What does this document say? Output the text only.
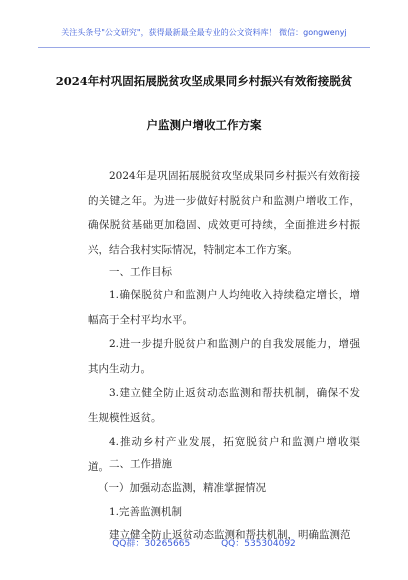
关注头条号"公文研究"，获得最新最全最专业的公文资料库！ 微信：gongwenyj
2024年村巩固拓展脱贫攻坚成果同乡村振兴有效衔接脱贫
户监测户增收工作方案
2024年是巩固拓展脱贫攻坚成果同乡村振兴有效衔接的关键之年。为进一步做好村脱贫户和监测户增收工作，确保脱贫基础更加稳固、成效更可持续，全面推进乡村振兴，结合我村实际情况，特制定本工作方案。
一、工作目标
1.确保脱贫户和监测户人均纯收入持续稳定增长，增幅高于全村平均水平。
2.进一步提升脱贫户和监测户的自我发展能力，增强其内生动力。
3.建立健全防止返贫动态监测和帮扶机制，确保不发生规模性返贫。
4.推动乡村产业发展，拓宽脱贫户和监测户增收渠道。 二、工作措施
（一）加强动态监测，精准掌握情况
1.完善监测机制
建立健全防止返贫动态监测和帮扶机制，明确监测范
QQ群：30265665	QQ：535304092
